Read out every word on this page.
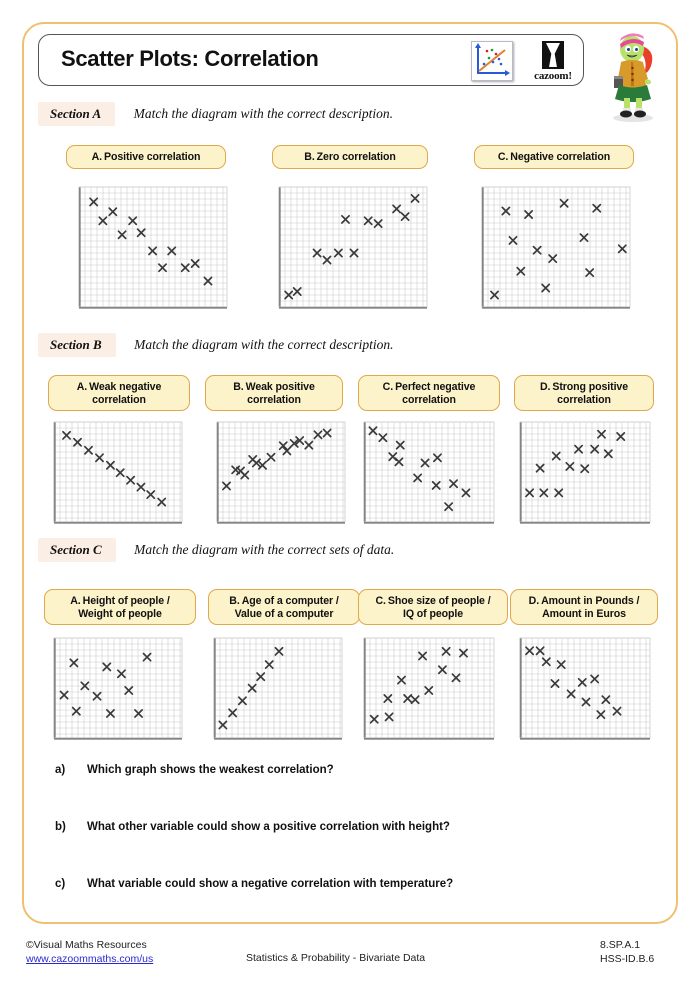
Scatter Plots: Correlation
cazoom!
Section A Match the diagram with the correct description.
A. Positive correlation	B. Zero correlation	C. Negative correlation
Section B Match the diagram with the correct description.
A. Weak negative
correlation
B. Weak positive
correlation
C. Perfect negative
correlation
D. Strong positive
correlation
Section C Match the diagram with the correct sets of data.
A. Height of people /
Weight of people
B. Age of a computer /
Value of a computer
C. Shoe size of people /
IQ of people
D. Amount in Pounds /
Amount in Euros
a) Which graph shows the weakest correlation?
b) What other variable could show a positive correlation with height?
c) What variable could show a negative correlation with temperature?
©Visual Maths Resources
www.cazoommaths.com/us	Statistics & Probability - Bivariate Data
8.SP.A.1
HSS-ID.B.6
